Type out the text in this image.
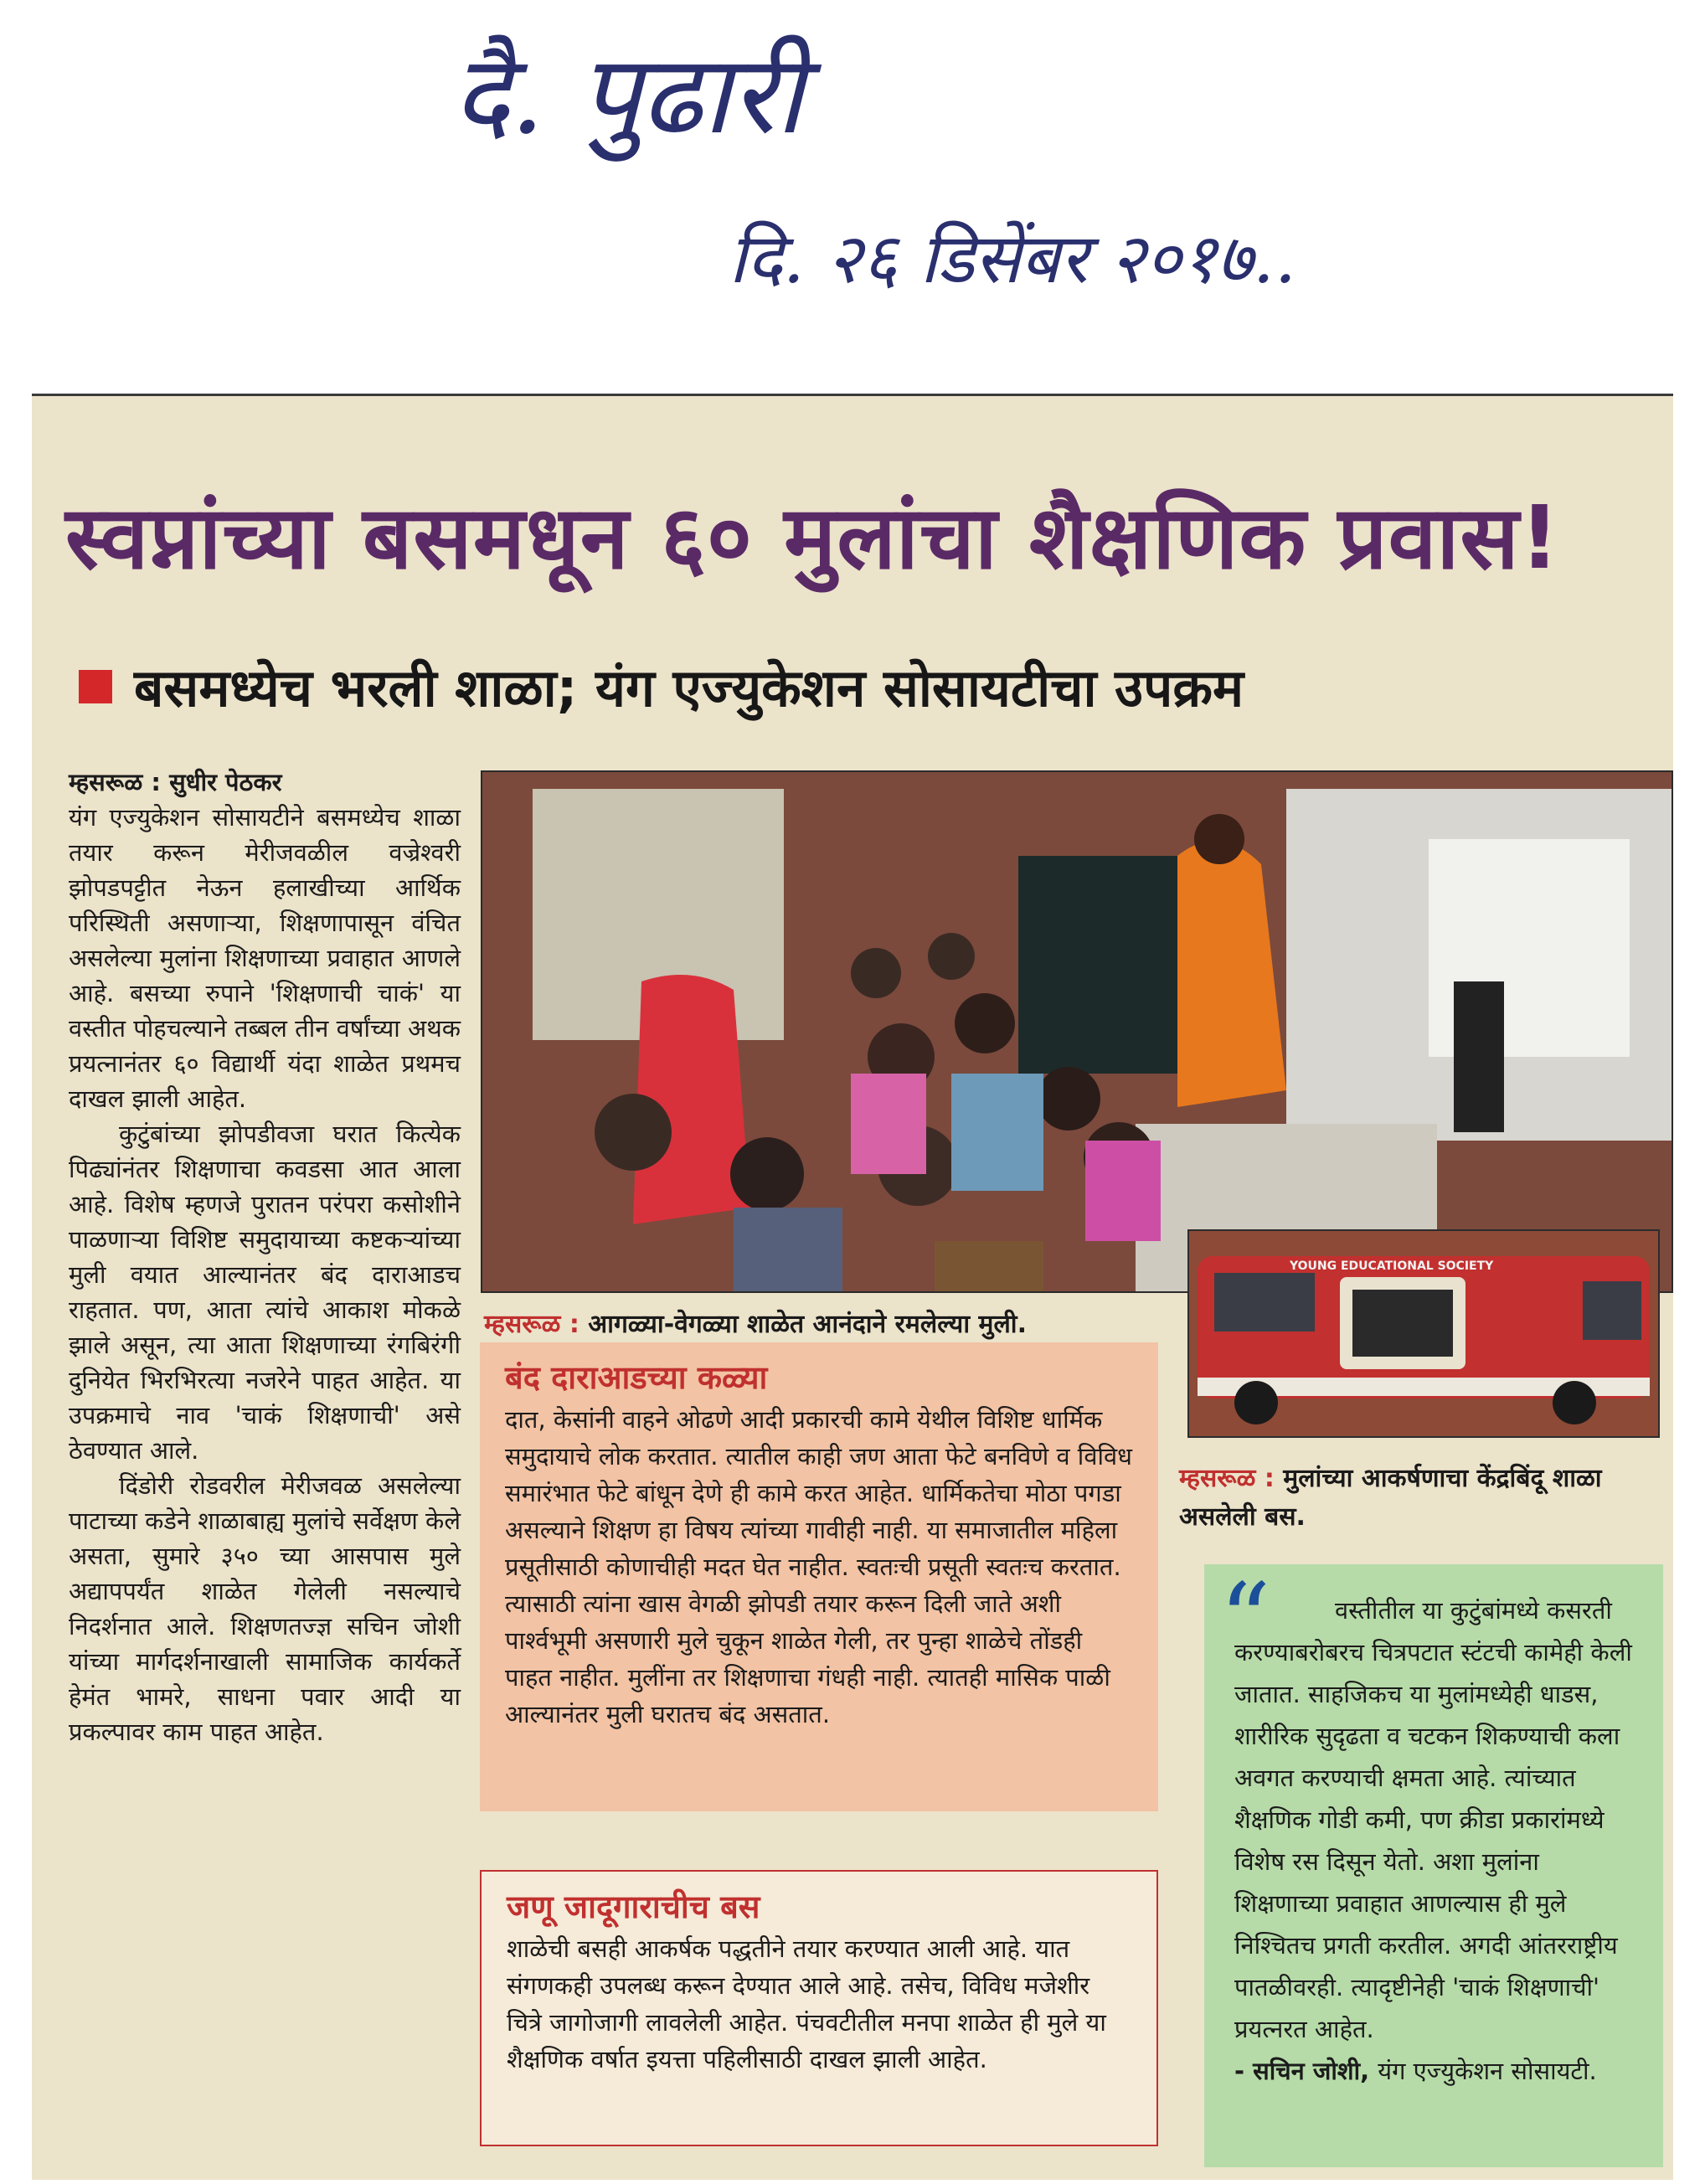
दै. पुढारी
दि. २६ डिसेंबर २०१७..
स्वप्नांच्या बसमधून ६० मुलांचा शैक्षणिक प्रवास!
बसमध्येच भरली शाळा; यंग एज्युकेशन सोसायटीचा उपक्रम

म्हसरूळ : सुधीर पेठकर

यंग एज्युकेशन सोसायटीने बसमध्येच शाळा तयार करून मेरीजवळील वज्रेश्वरी झोपडपट्टीत नेऊन हलाखीच्या आर्थिक परिस्थिती असणाऱ्या, शिक्षणापासून वंचित असलेल्या मुलांना शिक्षणाच्या प्रवाहात आणले आहे. बसच्या रुपाने 'शिक्षणाची चाकं' या वस्तीत पोहचल्याने तब्बल तीन वर्षांच्या अथक प्रयत्नानंतर ६० विद्यार्थी यंदा शाळेत प्रथमच दाखल झाली आहेत.

कुटुंबांच्या झोपडीवजा घरात कित्येक पिढ्यांनंतर शिक्षणाचा कवडसा आत आला आहे. विशेष म्हणजे पुरातन परंपरा कसोशीने पाळणाऱ्या विशिष्ट समुदायाच्या कष्टकऱ्यांच्या मुली वयात आल्यानंतर बंद दाराआडच राहतात. पण, आता त्यांचे आकाश मोकळे झाले असून, त्या आता शिक्षणाच्या रंगबिरंगी दुनियेत भिरभिरत्या नजरेने पाहत आहेत. या उपक्रमाचे नाव 'चाकं शिक्षणाची' असे ठेवण्यात आले.

दिंडोरी रोडवरील मेरीजवळ असलेल्या पाटाच्या कडेने शाळाबाह्य मुलांचे सर्वेक्षण केले असता, सुमारे ३५० च्या आसपास मुले अद्यापपर्यंत शाळेत गेलेली नसल्याचे निदर्शनात आले. शिक्षणतज्ज्ञ सचिन जोशी यांच्या मार्गदर्शनाखाली सामाजिक कार्यकर्ते हेमंत भामरे, साधना पवार आदी या प्रकल्पावर काम पाहत आहेत.

म्हसरूळ : आगळ्या-वेगळ्या शाळेत आनंदाने रमलेल्या मुली.
YOUNG EDUCATIONAL SOCIETY
म्हसरूळ : मुलांच्या आकर्षणाचा केंद्रबिंदू शाळा असलेली बस.
बंद दाराआडच्या कळ्या
दात, केसांनी वाहने ओढणे आदी प्रकारची कामे येथील विशिष्ट धार्मिक समुदायाचे लोक करतात. त्यातील काही जण आता फेटे बनविणे व विविध समारंभात फेटे बांधून देणे ही कामे करत आहेत. धार्मिकतेचा मोठा पगडा असल्याने शिक्षण हा विषय त्यांच्या गावीही नाही. या समाजातील महिला प्रसूतीसाठी कोणाचीही मदत घेत नाहीत. स्वतःची प्रसूती स्वतःच करतात. त्यासाठी त्यांना खास वेगळी झोपडी तयार करून दिली जाते अशी पार्श्वभूमी असणारी मुले चुकून शाळेत गेली, तर पुन्हा शाळेचे तोंडही पाहत नाहीत. मुलींना तर शिक्षणाचा गंधही नाही. त्यातही मासिक पाळी आल्यानंतर मुली घरातच बंद असतात.
जणू जादूगाराचीच बस
शाळेची बसही आकर्षक पद्धतीने तयार करण्यात आली आहे. यात संगणकही उपलब्ध करून देण्यात आले आहे. तसेच, विविध मजेशीर चित्रे जागोजागी लावलेली आहेत. पंचवटीतील मनपा शाळेत ही मुले या शैक्षणिक वर्षात इयत्ता पहिलीसाठी दाखल झाली आहेत.
“	वस्तीतील या कुटुंबांमध्ये कसरती करण्याबरोबरच चित्रपटात स्टंटची कामेही केली जातात. साहजिकच या मुलांमध्येही धाडस, शारीरिक सुदृढता व चटकन शिकण्याची कला अवगत करण्याची क्षमता आहे. त्यांच्यात शैक्षणिक गोडी कमी, पण क्रीडा प्रकारांमध्ये विशेष रस दिसून येतो. अशा मुलांना शिक्षणाच्या प्रवाहात आणल्यास ही मुले निश्चितच प्रगती करतील. अगदी आंतरराष्ट्रीय पातळीवरही. त्यादृष्टीनेही 'चाकं शिक्षणाची' प्रयत्नरत आहेत.
- सचिन जोशी, यंग एज्युकेशन सोसायटी.
